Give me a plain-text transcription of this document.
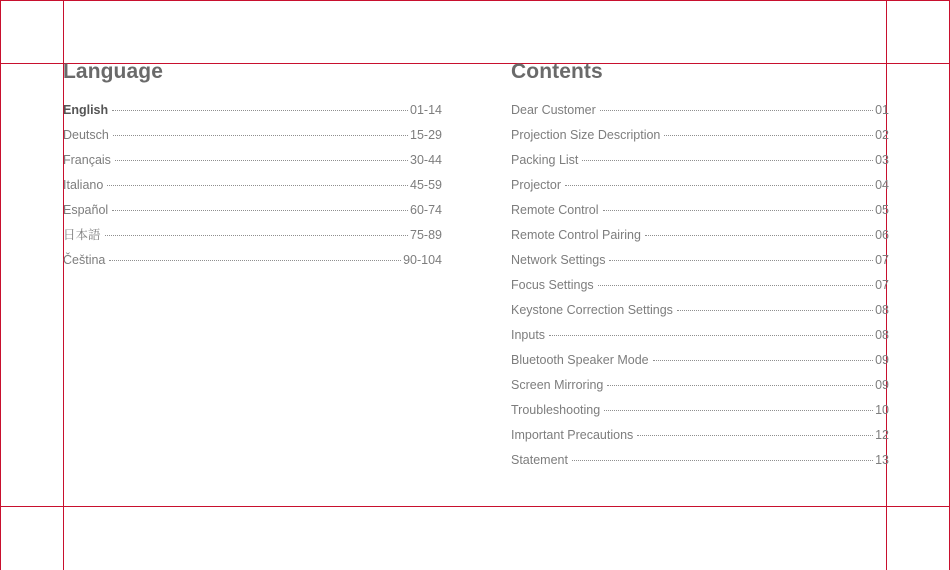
Language
English	01-14
Deutsch	15-29
Français	30-44
Italiano	45-59
Español	60-74
日本語	75-89
Čeština	90-104
Contents
Dear Customer	01
Projection Size Description	02
Packing List	03
Projector	04
Remote Control	05
Remote Control Pairing	06
Network Settings	07
Focus Settings	07
Keystone Correction Settings	08
Inputs	08
Bluetooth Speaker Mode	09
Screen Mirroring	09
Troubleshooting	10
Important Precautions	12
Statement	13
